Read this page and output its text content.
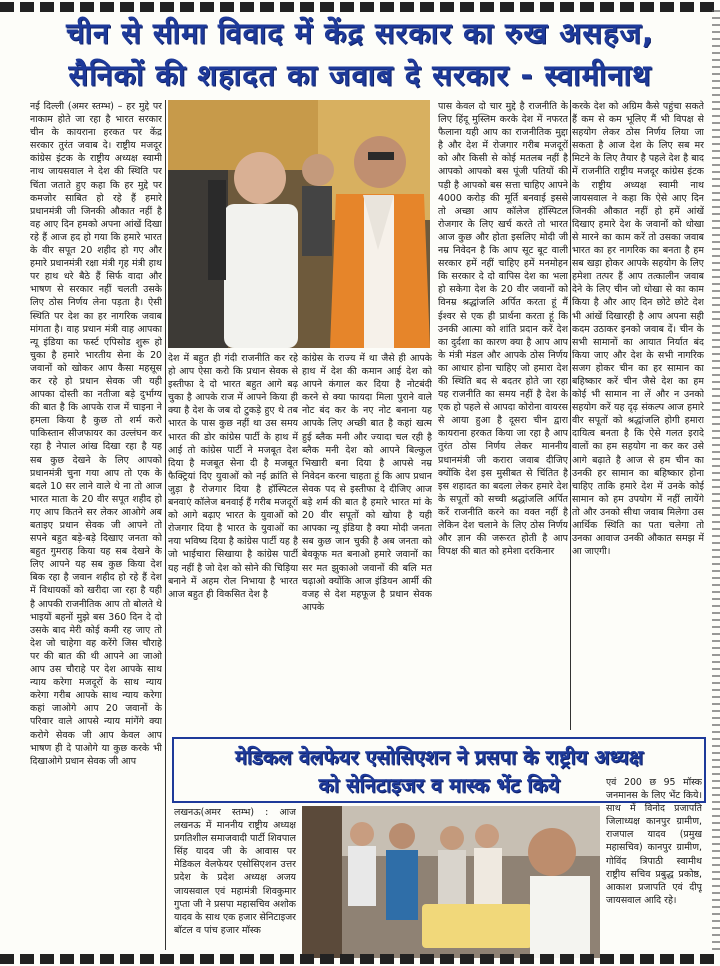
चीन से सीमा विवाद में केंद्र सरकार का रुख असहज,
सैनिकों की शहादत का जवाब दे सरकार - स्वामीनाथ

नई दिल्ली (अमर स्तम्भ) – हर मुद्दे पर नाकाम होते जा रहा है भारत सरकार चीन के कायराना हरकत पर केंद्र सरकार तुरंत जवाब दे। राष्ट्रीय मजदूर कांग्रेस इंटक के राष्ट्रीय अध्यक्ष स्वामी नाथ जायसवाल ने देश की स्थिति पर चिंता जताते हुए कहा कि हर मुद्दे पर कमजोर साबित हो रहे हैं हमारे प्रधानमंत्री जी जिनकी औकात नहीं है वह आए दिन हमको अपना आंखें दिखा रहे हैं आज हद हो गया कि हमारे भारत के वीर सपूत 20 शहीद हो गए और हमारे प्रधानमंत्री रक्षा मंत्री गृह मंत्री हाथ पर हाथ धरे बैठे हैं सिर्फ वादा और भाषण से सरकार नहीं चलती उसके लिए ठोस निर्णय लेना पड़ता है। ऐसी स्थिति पर देश का हर नागरिक जवाब मांगता है। वाह प्रधान मंत्री वाह आपका न्यू इंडिया का फर्स्ट एपिसोड शुरू हो चुका है हमारे भारतीय सेना के 20 जवानों को खोकर आप कैसा महसूस कर रहे हो प्रधान सेवक जी यही आपका दोस्ती का नतीजा बड़े दुर्भाग्य की बात है कि आपके राज में चाइना ने हमला किया है कुछ तो शर्म करो पाकिस्तान सीजफायर का उल्लंघन कर रहा है नेपाल आंख दिखा रहा है यह सब कुछ देखने के लिए आपको प्रधानमंत्री चुना गया आप तो एक के बदले 10 सर लाने वाले थे ना तो आज भारत माता के 20 वीर सपूत शहीद हो गए आप कितने सर लेकर आओगे अब बताइए प्रधान सेवक जी आपने तो सपने बहुत बड़े-बड़े दिखाए जनता को बहुत गुमराह किया यह सब देखने के लिए आपने यह सब कुछ किया देश बिक रहा है जवान शहीद हो रहे हैं देश में विधायकों को खरीदा जा रहा है यही है आपकी राजनीतिक आप तो बोलते थे भाइयों बहनों मुझे बस 360 दिन दे दो उसके बाद मेरी कोई कमी रह जाए तो देश जो चाहेगा वह करेंगे जिस चौराहे पर की बात की थी आपने आ जाओ आप उस चौराहे पर देश आपके साथ न्याय करेगा मजदूरों के साथ न्याय करेगा गरीब आपके साथ न्याय करेगा कहां जाओगे आप 20 जवानों के परिवार वाले आपसे न्याय मांगेंगे क्या करोगे सेवक जी आप केवल आप भाषण ही दे पाओगे या कुछ करके भी दिखाओगे प्रधान सेवक जी आप

देश में बहुत ही गंदी राजनीति कर रहे हो आप ऐसा करो कि प्रधान सेवक से इस्तीफा दे दो भारत बहुत आगे बढ़ चुका है आपके राज में आपने किया ही क्या है देश के जब दो टुकड़े हुए थे तब भारत के पास कुछ नहीं था उस समय भारत की डोर कांग्रेस पार्टी के हाथ में आई तो कांग्रेस पार्टी ने मजबूत देश दिया है मजबूत सेना दी है मजबूत फैक्ट्रियां दिए युवाओं को नई क्रांति से जुड़ा है रोजगार दिया है हॉस्पिटल बनवाएं कॉलेज बनवाई हैं गरीब मजदूरों को आगे बढ़ाए भारत के युवाओं को रोजगार दिया है भारत के युवाओं का नया भविष्य दिया है कांग्रेस पार्टी यह है जो भाईचारा सिखाया है कांग्रेस पार्टी यह नहीं है जो देश को सोने की चिड़िया बनाने में अहम रोल निभाया है भारत आज बहुत ही विकसित देश है

कांग्रेस के राज्य में था जैसे ही आपके हाथ में देश की कमान आई देश को आपने कंगाल कर दिया है नोटबंदी करने से क्या फायदा मिला पुराने वाले नोट बंद कर के नए नोट बनाना यह आपके लिए अच्छी बात है कहां खत्म हुई ब्लैक मनी और ज्यादा चल रही है ब्लैक मनी देश को आपने बिल्कुल भिखारी बना दिया है आपसे नम्र निवेदन करना चाहता हूं कि आप प्रधान सेवक पद से इस्तीफा दे दीजिए आज बड़े शर्म की बात है हमारे भारत मां के 20 वीर सपूतों को खोया है यही आपका न्यू इंडिया है क्या मोदी जनता सब कुछ जान चुकी है अब जनता को बेवकूफ मत बनाओ हमारे जवानों का सर मत झुकाओ जवानों की बलि मत चढ़ाओ क्योंकि आज इंडियन आर्मी की वजह से देश महफूज है प्रधान सेवक आपके

पास केवल दो चार मुद्दे है राजनीति के लिए हिंदू मुस्लिम करके देश में नफरत फैलाना यही आप का राजनीतिक मुद्दा है और देश में रोजगार गरीब मजदूरों को और किसी से कोई मतलब नहीं है आपको आपको बस पूंजी पतियों की पड़ी है आपको बस सत्ता चाहिए आपने 4000 करोड़ की मूर्ति बनवाई इससे तो अच्छा आप कॉलेज हॉस्पिटल रोजगार के लिए खर्च करते तो भारत आज कुछ और होता इसलिए मोदी जी नम्र निवेदन है कि आप सूट बूट वाली सरकार हमें नहीं चाहिए हमें मनमोहन कि सरकार दे दो वापिस देश का भला हो सकेगा देश के 20 वीर जवानों को विनम्र श्रद्धांजलि अर्पित करता हूं मैं ईश्वर से एक ही प्रार्थना करता हूं कि उनकी आत्मा को शांति प्रदान करें देश का दुर्दशा का कारण क्या है आप आप के मंत्री मंडल और आपके ठोस निर्णय का आधार होना चाहिए जो हमारा देश की स्थिति बद से बदतर होते जा रहा यह राजनीति का समय नहीं है देश के एक हो पहले से आपदा कोरोना वायरस से आया हुआ है दूसरा चीन द्वारा कायराना हरकत किया जा रहा है आप तुरंत ठोस निर्णय लेकर माननीय प्रधानमंत्री जी करारा जवाब दीजिए क्योंकि देश इस मुसीबत से चिंतित है इस शहादत का बदला लेकर हमारे देश के सपूतों को सच्ची श्रद्धांजलि अर्पित करें राजनीति करने का वक्त नहीं है लेकिन देश चलाने के लिए ठोस निर्णय और ज्ञान की जरूरत होती है आप विपक्ष की बात को हमेशा दरकिनार

करके देश को अग्रिम कैसे पहुंचा सकते हैं कम से कम भूलिए मैं भी विपक्ष से सहयोग लेकर ठोस निर्णय लिया जा सकता है आज देश के लिए सब मर मिटने के लिए तैयार है पहले देश है बाद में राजनीति राष्ट्रीय मजदूर कांग्रेस इंटक के राष्ट्रीय अध्यक्ष स्वामी नाथ जायसवाल ने कहा कि ऐसे आए दिन जिनकी औकात नहीं हो हमें आंखें दिखाए हमारे देश के जवानों को धोखा से मारने का काम करें तो उसका जवाब भारत का हर नागरिक का बनता है हम सब खड़ा होकर आपके सहयोग के लिए हमेशा तत्पर हैं आप तत्कालीन जवाब देने के लिए चीन जो धोखा से का काम किया है और आए दिन छोटे छोटे देश भी आंखें दिखारही है आप अपना सही कदम उठाकर इनको जवाब दें। चीन के सभी सामानों का आयात निर्यात बंद किया जाए और देश के सभी नागरिक सजग होकर चीन का हर सामान का बहिष्कार करें चीन जैसे देश का हम कोई भी सामान ना लें और न उनको सहयोग करें यह दृढ़ संकल्प आज हमारे वीर सपूतों को श्रद्धांजलि होगी हमारा दायित्व बनता है कि ऐसे गलत इरादे वालों का हम सहयोग ना कर कर उसे आगे बढ़ाते है आज से हम चीन का उनकी हर सामान का बहिष्कार होना चाहिए ताकि हमारे देश में उनके कोई सामान को हम उपयोग में नहीं लायेंगे तो और उनको सीधा जवाब मिलेगा उस आर्थिक स्थिति का पता चलेगा तो उनका आवाज उनकी औकात समझ में आ जाएगी।

मेडिकल वेलफेयर एसोसिएशन ने प्रसपा के राष्ट्रीय अध्यक्ष
को सेनिटाइजर व मास्क भेंट किये

लखनऊ(अमर स्तम्भ) : आज लखनऊ में माननीय राष्ट्रीय अध्यक्ष प्रगतिशील समाजवादी पार्टी शिवपाल सिंह यादव जी के आवास पर मेडिकल वेलफेयर एसोसिएशन उत्तर प्रदेश के प्रदेश अध्यक्ष अजय जायसवाल एवं महामंत्री शिवकुमार गुप्ता जी ने प्रसपा महासचिव अशोक यादव के साथ एक हजार सेनिटाइजर बॉटल व पांच हजार मॉस्क

एवं 200 छ 95 मॉस्क जनमानस के लिए भेंट किये। साथ में विनोद प्रजापति जिलाध्यक्ष कानपुर ग्रामीण, राजपाल यादव (प्रमुख महासचिव) कानपुर ग्रामीण, गोविंद त्रिपाठी स्वामीथ राष्ट्रीय सचिव प्रबुद्ध प्रकोष्ठ, आकाश प्रजापति एवं दीपू जायसवाल आदि रहे।
